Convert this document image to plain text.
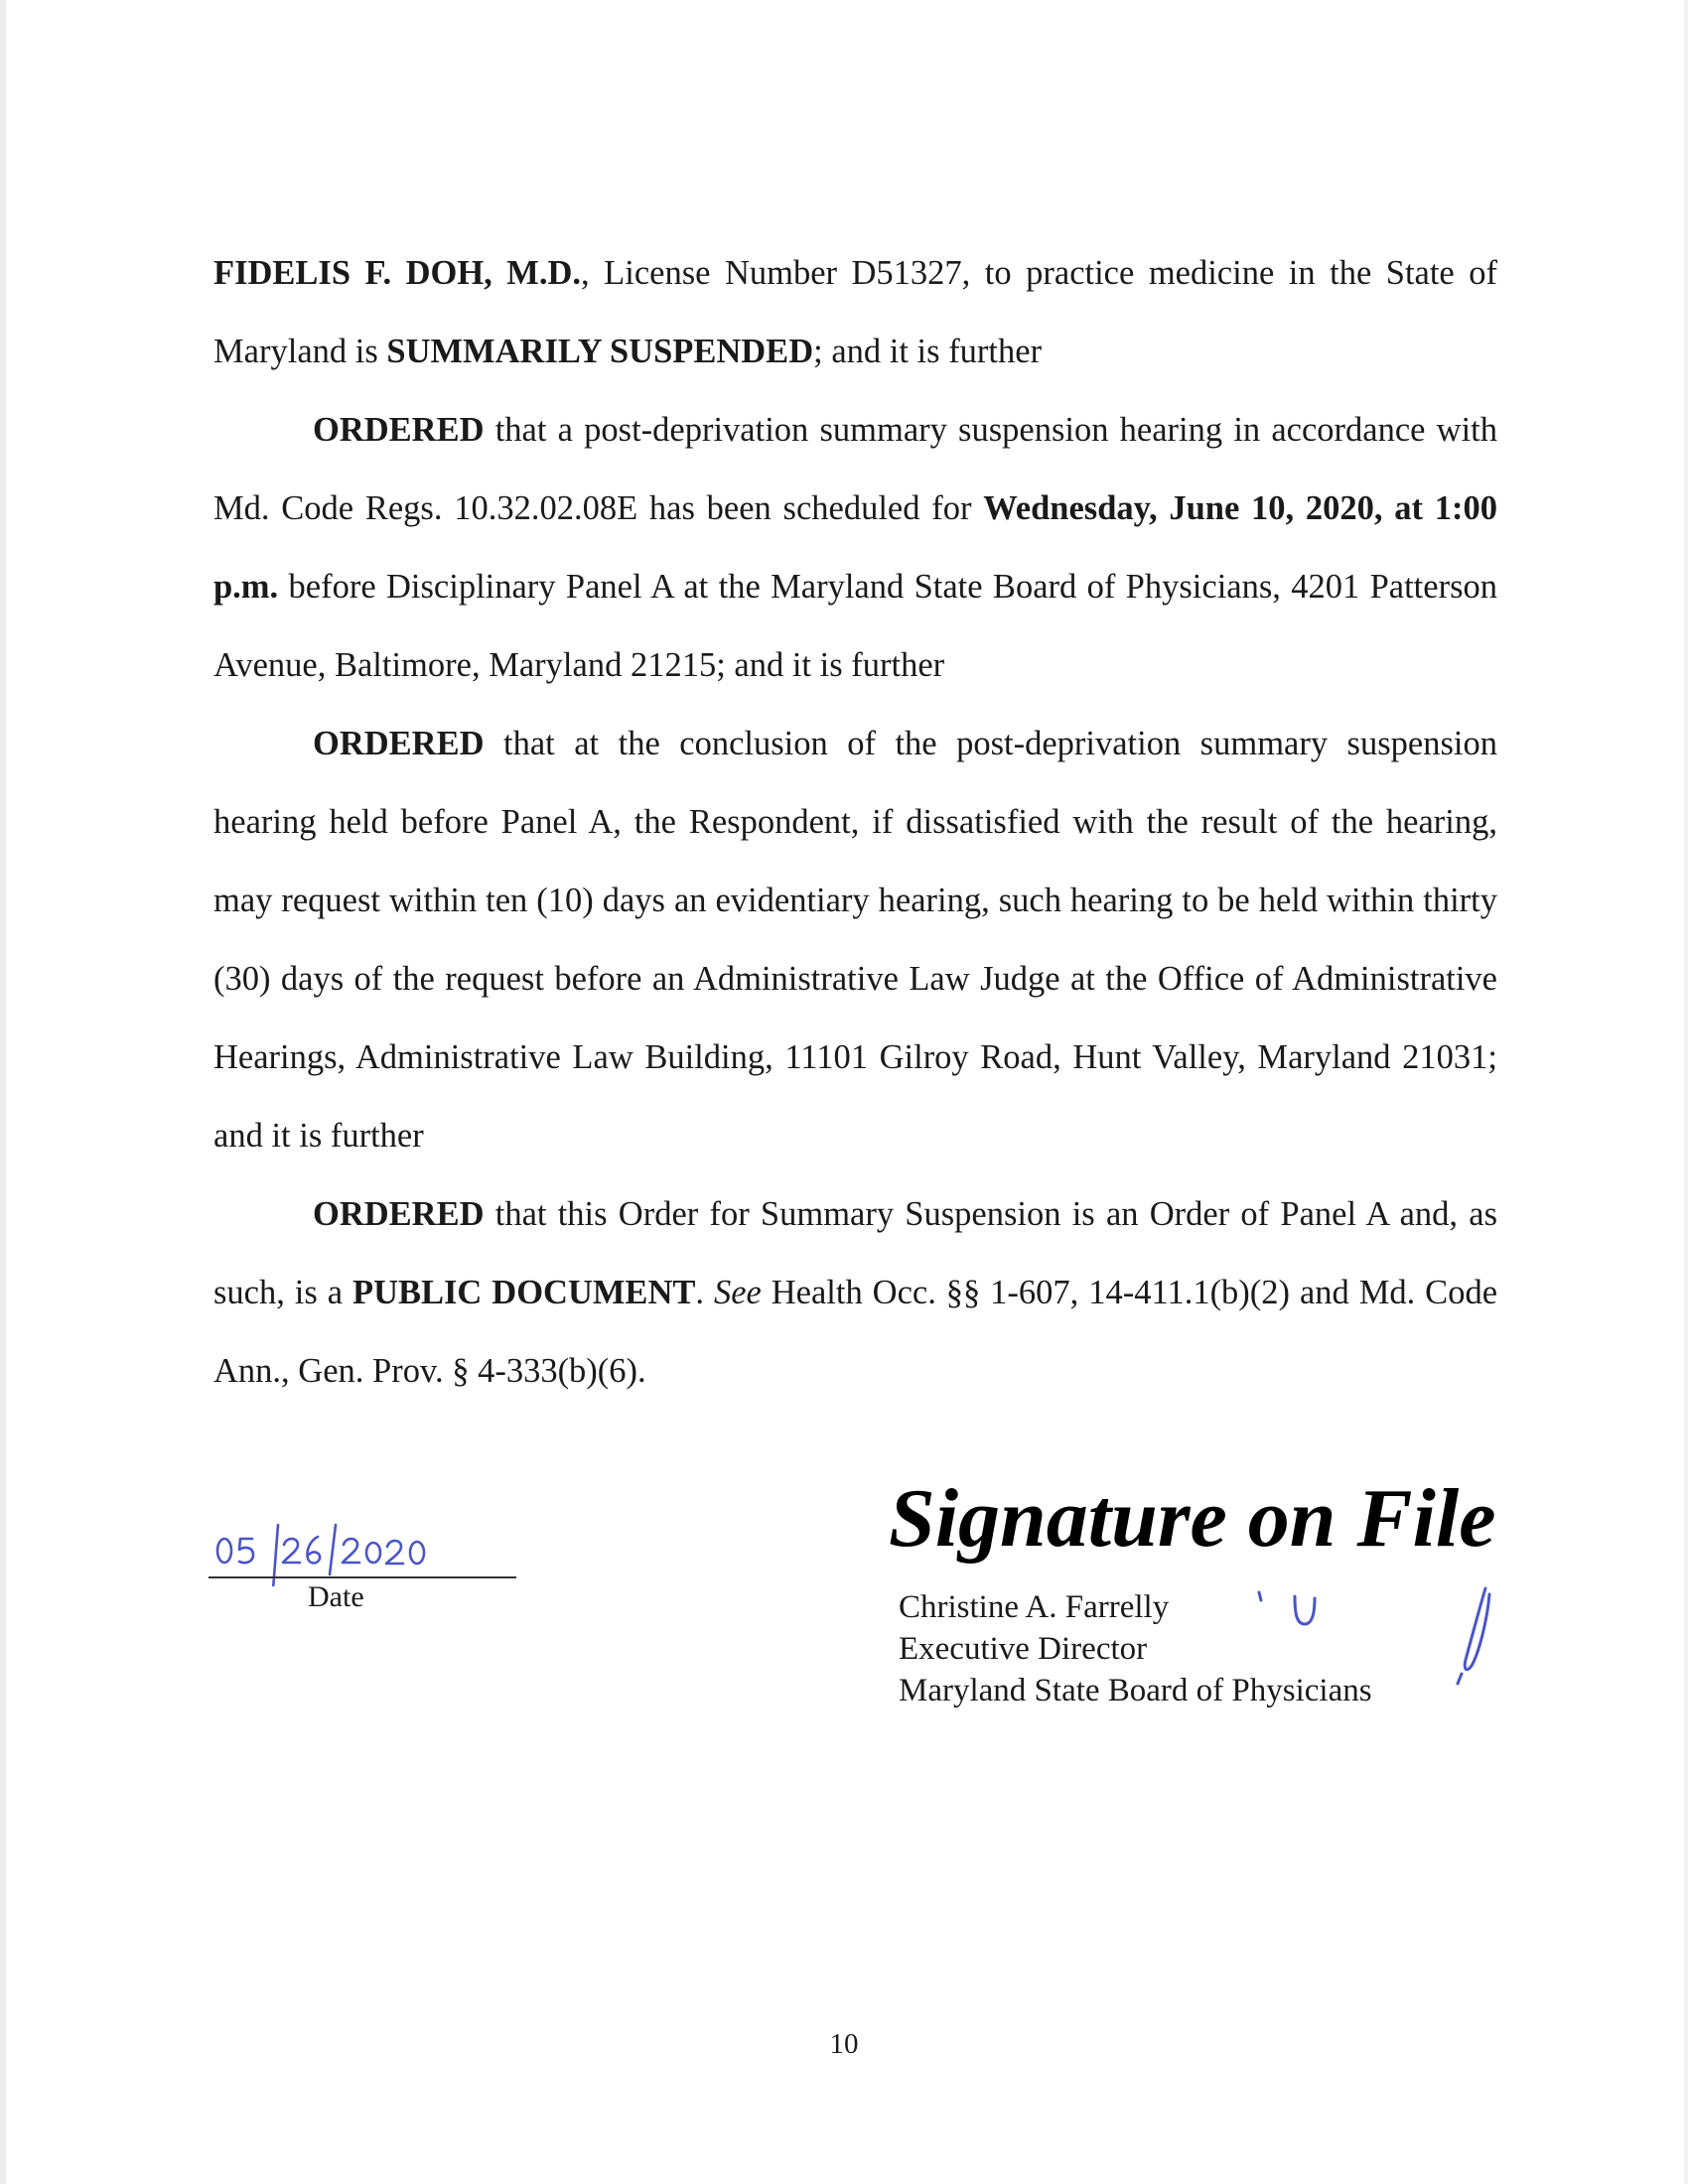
FIDELIS F. DOH, M.D., License Number D51327, to practice medicine in the State of Maryland is SUMMARILY SUSPENDED; and it is further

ORDERED that a post-deprivation summary suspension hearing in accordance with Md. Code Regs. 10.32.02.08E has been scheduled for Wednesday, June 10, 2020, at 1:00 p.m. before Disciplinary Panel A at the Maryland State Board of Physicians, 4201 Patterson Avenue, Baltimore, Maryland 21215; and it is further

ORDERED that at the conclusion of the post-deprivation summary suspension hearing held before Panel A, the Respondent, if dissatisfied with the result of the hearing, may request within ten (10) days an evidentiary hearing, such hearing to be held within thirty (30) days of the request before an Administrative Law Judge at the Office of Administrative Hearings, Administrative Law Building, 11101 Gilroy Road, Hunt Valley, Maryland 21031; and it is further

ORDERED that this Order for Summary Suspension is an Order of Panel A and, as such, is a PUBLIC DOCUMENT. See Health Occ. §§ 1-607, 14-411.1(b)(2) and Md. Code Ann., Gen. Prov. § 4-333(b)(6).

Date
Signature on File
Christine A. Farrelly
Executive Director
Maryland State Board of Physicians
10
